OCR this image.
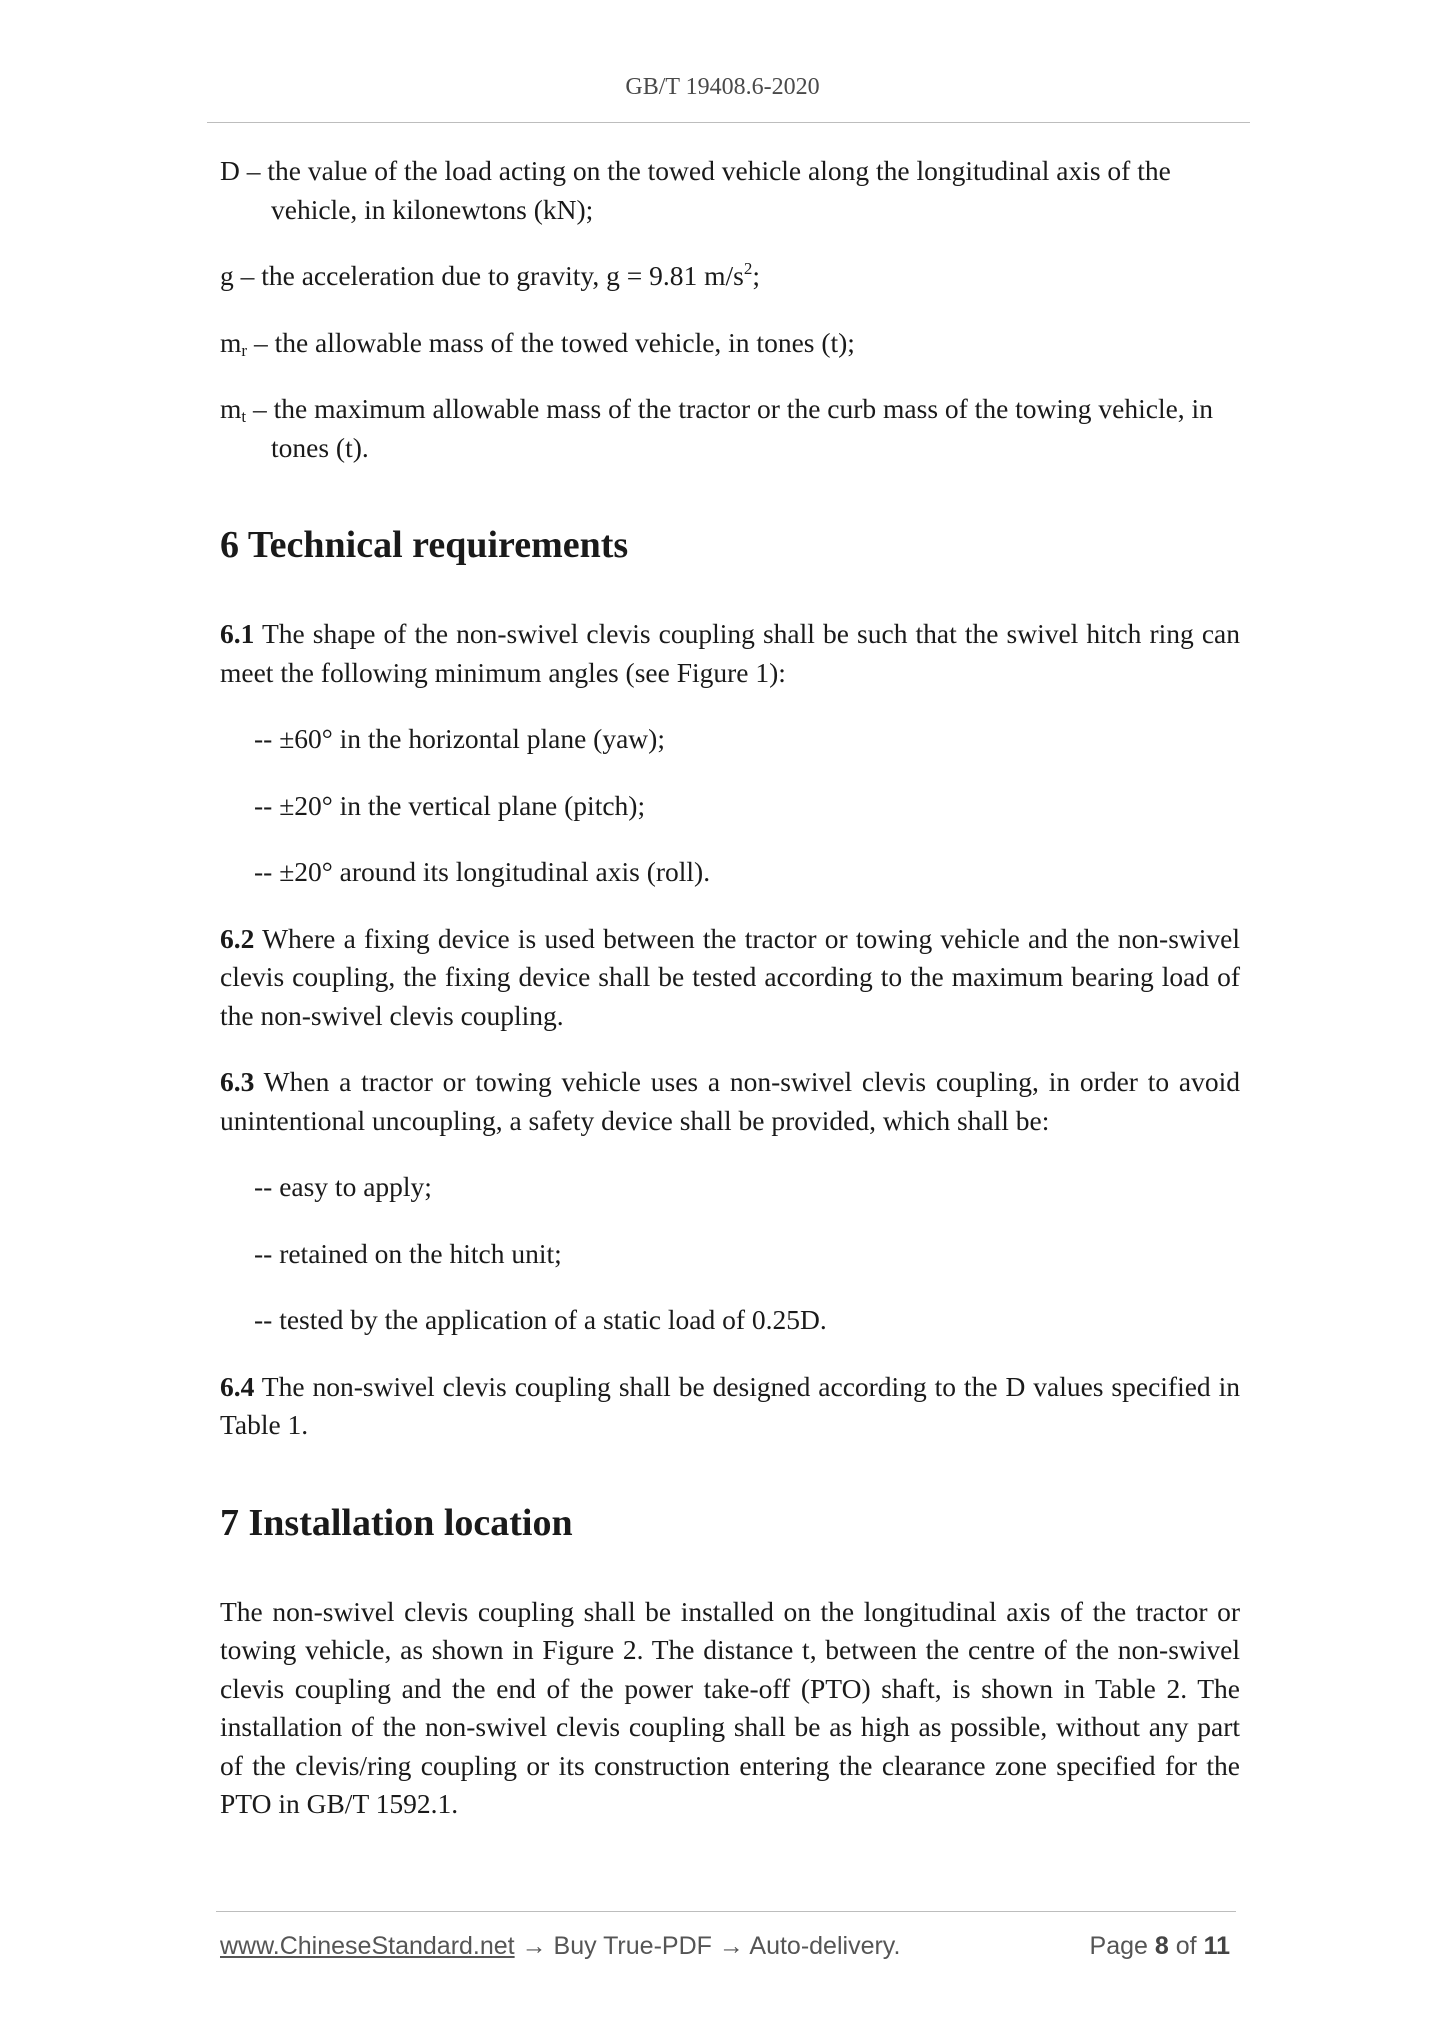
GB/T 19408.6-2020

D – the value of the load acting on the towed vehicle along the longitudinal axis of the vehicle, in kilonewtons (kN);

g – the acceleration due to gravity, g = 9.81 $m/s^2$;

$m_r$ – the allowable mass of the towed vehicle, in tones (t);

$m_t$ – the maximum allowable mass of the tractor or the curb mass of the towing vehicle, in tones (t).

6 Technical requirements

6.1 The shape of the non-swivel clevis coupling shall be such that the swivel hitch ring can meet the following minimum angles (see Figure 1):

-- ±60° in the horizontal plane (yaw);

-- ±20° in the vertical plane (pitch);

-- ±20° around its longitudinal axis (roll).

6.2 Where a fixing device is used between the tractor or towing vehicle and the non-swivel clevis coupling, the fixing device shall be tested according to the maximum bearing load of the non-swivel clevis coupling.

6.3 When a tractor or towing vehicle uses a non-swivel clevis coupling, in order to avoid unintentional uncoupling, a safety device shall be provided, which shall be:

-- easy to apply;

-- retained on the hitch unit;

-- tested by the application of a static load of 0.25D.

6.4 The non-swivel clevis coupling shall be designed according to the D values specified in Table 1.

7 Installation location

The non-swivel clevis coupling shall be installed on the longitudinal axis of the tractor or towing vehicle, as shown in Figure 2. The distance t, between the centre of the non-swivel clevis coupling and the end of the power take-off (PTO) shaft, is shown in Table 2. The installation of the non-swivel clevis coupling shall be as high as possible, without any part of the clevis/ring coupling or its construction entering the clearance zone specified for the PTO in GB/T 1592.1.

www.ChineseStandard.net → Buy True-PDF → Auto-delivery.	Page 8 of 11
